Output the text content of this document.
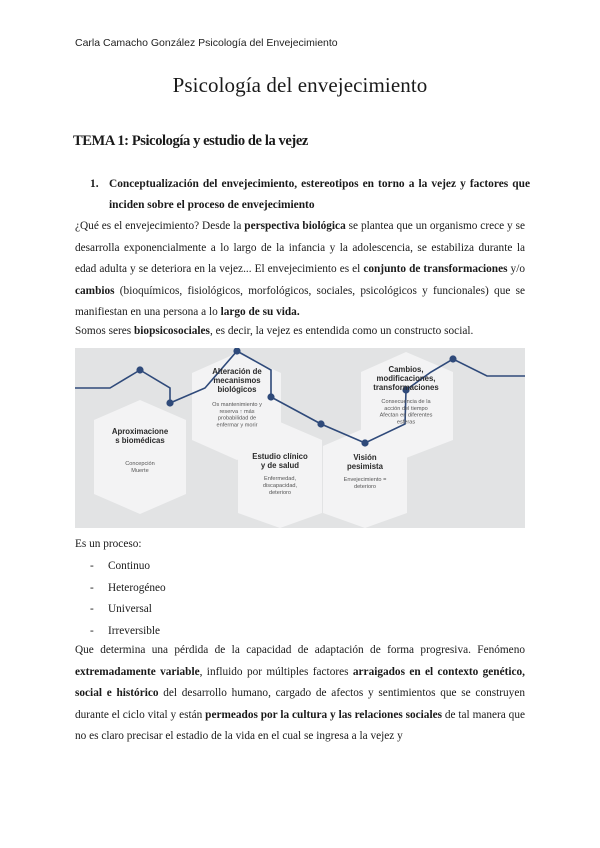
Carla Camacho González Psicología del Envejecimiento
Psicología del envejecimiento
TEMA 1: Psicología y estudio de la vejez
1. Conceptualización del envejecimiento, estereotipos en torno a la vejez y factores que inciden sobre el proceso de envejecimiento
¿Qué es el envejecimiento? Desde la perspectiva biológica se plantea que un organismo crece y se desarrolla exponencialmente a lo largo de la infancia y la adolescencia, se estabiliza durante la edad adulta y se deteriora en la vejez... El envejecimiento es el conjunto de transformaciones y/o cambios (bioquímicos, fisiológicos, morfológicos, sociales, psicológicos y funcionales) que se manifiestan en una persona a lo largo de su vida.
Somos seres biopsicosociales, es decir, la vejez es entendida como un constructo social.
Aproximacione s biomédicas
Concepción Muerte
Alteración de mecanismos biológicos
Os mantenimiento y reserva ↑ más probabilidad de enfermar y morir
Estudio clínico y de salud
Enfermedad, discapacidad, deterioro
Visión pesimista
Envejecimiento = deterioro
Cambios, modificaciones, transformaciones
Consecuencia de la acción del tiempo Afectan en diferentes esferas
Es un proceso:
- Continuo
- Heterogéneo
- Universal
- Irreversible
Que determina una pérdida de la capacidad de adaptación de forma progresiva. Fenómeno extremadamente variable, influido por múltiples factores arraigados en el contexto genético, social e histórico del desarrollo humano, cargado de afectos y sentimientos que se construyen durante el ciclo vital y están permeados por la cultura y las relaciones sociales de tal manera que no es claro precisar el estadio de la vida en el cual se ingresa a la vejez y
